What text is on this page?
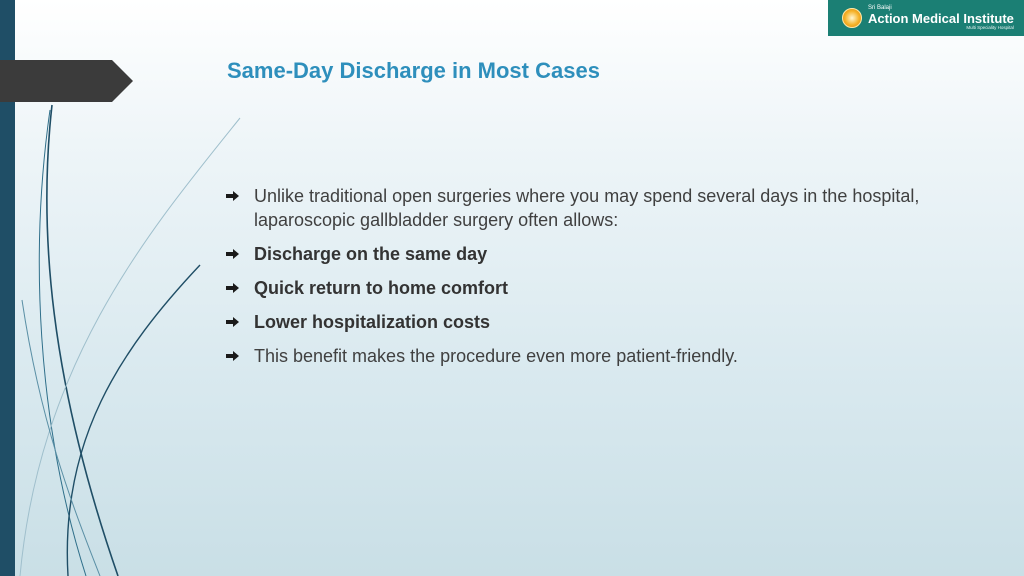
Same-Day Discharge in Most Cases
Sri Balaji
Action Medical Institute
Multi Speciality Hospital
Unlike traditional open surgeries where you may spend several days in the hospital, laparoscopic gallbladder surgery often allows:
Discharge on the same day
Quick return to home comfort
Lower hospitalization costs
This benefit makes the procedure even more patient-friendly.
